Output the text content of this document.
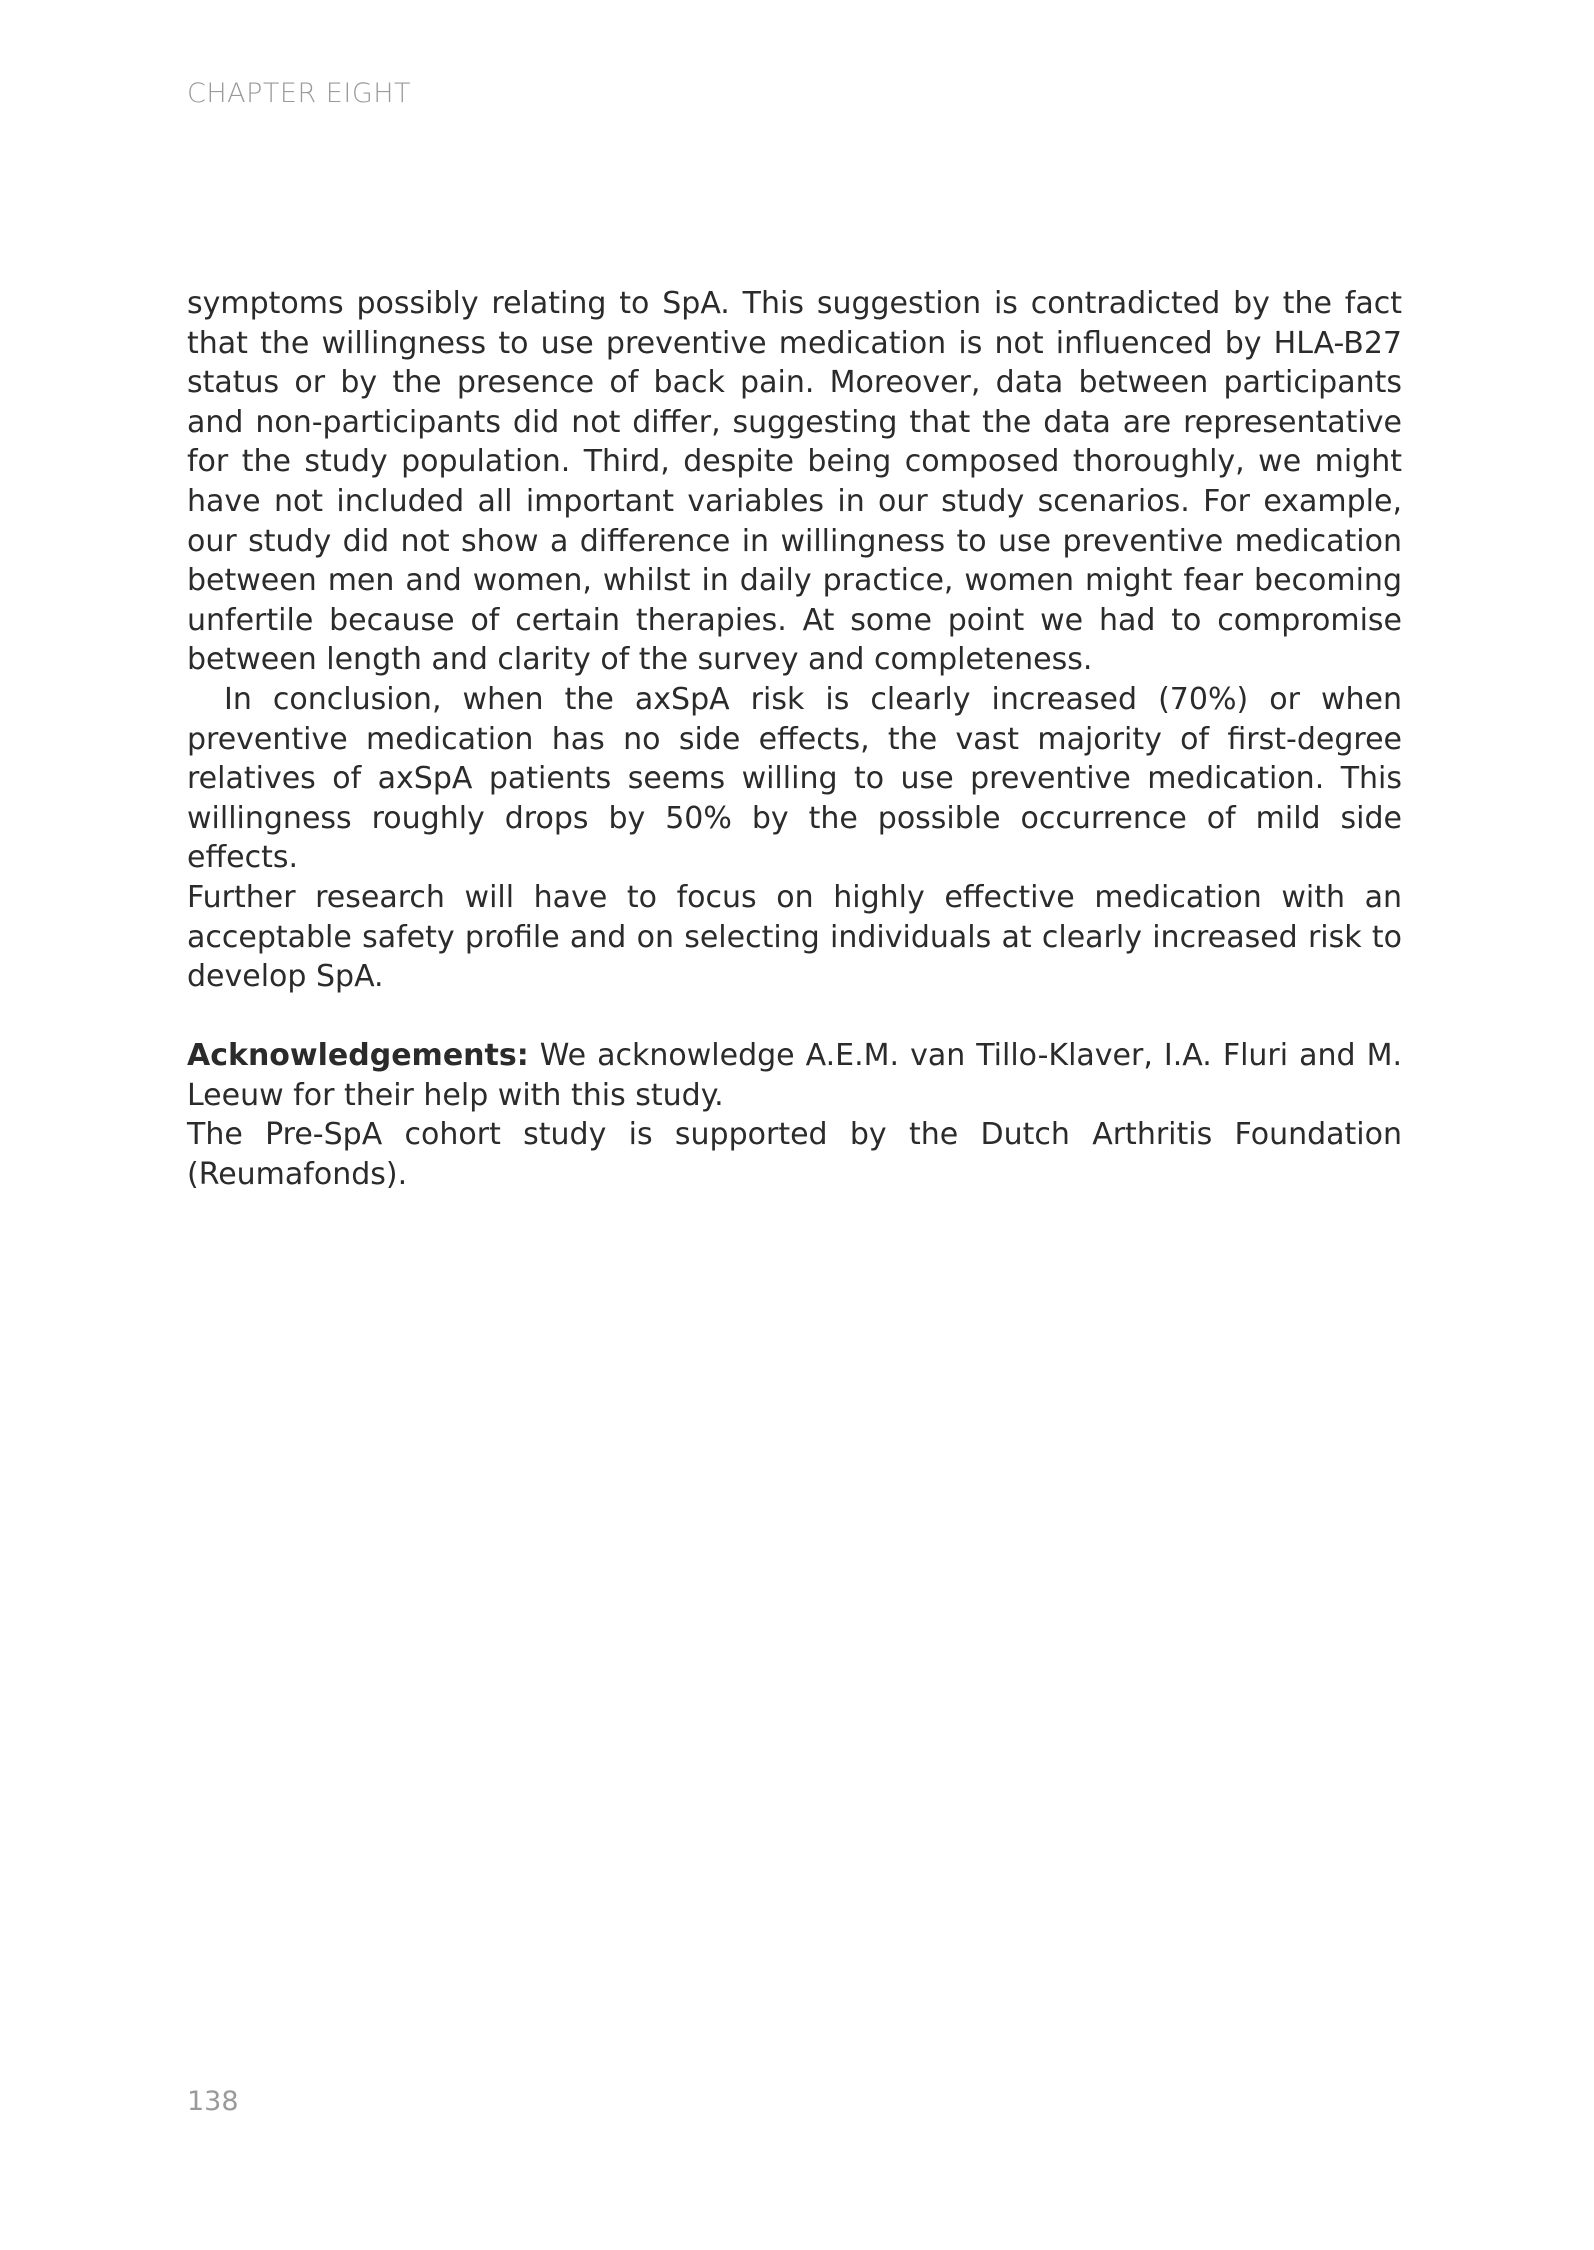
CHAPTER EIGHT

symptoms possibly relating to SpA. This suggestion is contradicted by the fact that the willingness to use preventive medication is not influenced by HLA-B27 status or by the presence of back pain. Moreover, data between participants and non-participants did not differ, suggesting that the data are representative for the study population. Third, despite being composed thoroughly, we might have not included all important variables in our study scenarios. For example, our study did not show a difference in willingness to use preventive medication between men and women, whilst in daily practice, women might fear becoming unfertile because of certain therapies. At some point we had to compromise between length and clarity of the survey and completeness.

In conclusion, when the axSpA risk is clearly increased (70%) or when preventive medication has no side effects, the vast majority of first-degree relatives of axSpA patients seems willing to use preventive medication. This willingness roughly drops by 50% by the possible occurrence of mild side effects.

Further research will have to focus on highly effective medication with an acceptable safety profile and on selecting individuals at clearly increased risk to develop SpA.

Acknowledgements: We acknowledge A.E.M. van Tillo-Klaver, I.A. Fluri and M. Leeuw for their help with this study.

The Pre-SpA cohort study is supported by the Dutch Arthritis Foundation (Reumafonds).

138
